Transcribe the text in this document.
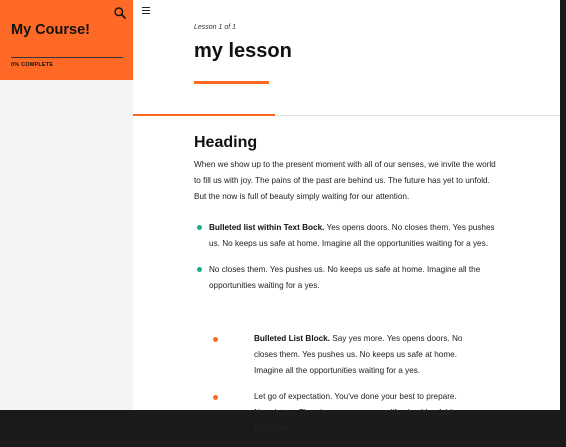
My Course!
0% COMPLETE
Lesson 1 of 1
my lesson
Heading

When we show up to the present moment with all of our senses, we invite the world to fill us with joy. The pains of the past are behind us. The future has yet to unfold. But the now is full of beauty simply waiting for our attention.

Bulleted list within Text Bock. Yes opens doors. No closes them. Yes pushes us. No keeps us safe at home. Imagine all the opportunities waiting for a yes.
No closes them. Yes pushes us. No keeps us safe at home. Imagine all the opportunities waiting for a yes.
Bulleted List Block. Say yes more. Yes opens doors. No closes them. Yes pushes us. No keeps us safe at home. Imagine all the opportunities waiting for a yes.
Let go of expectation. You've done your best to prepare. Now, let go. There's no one way your life should unfold. Enjoy the
